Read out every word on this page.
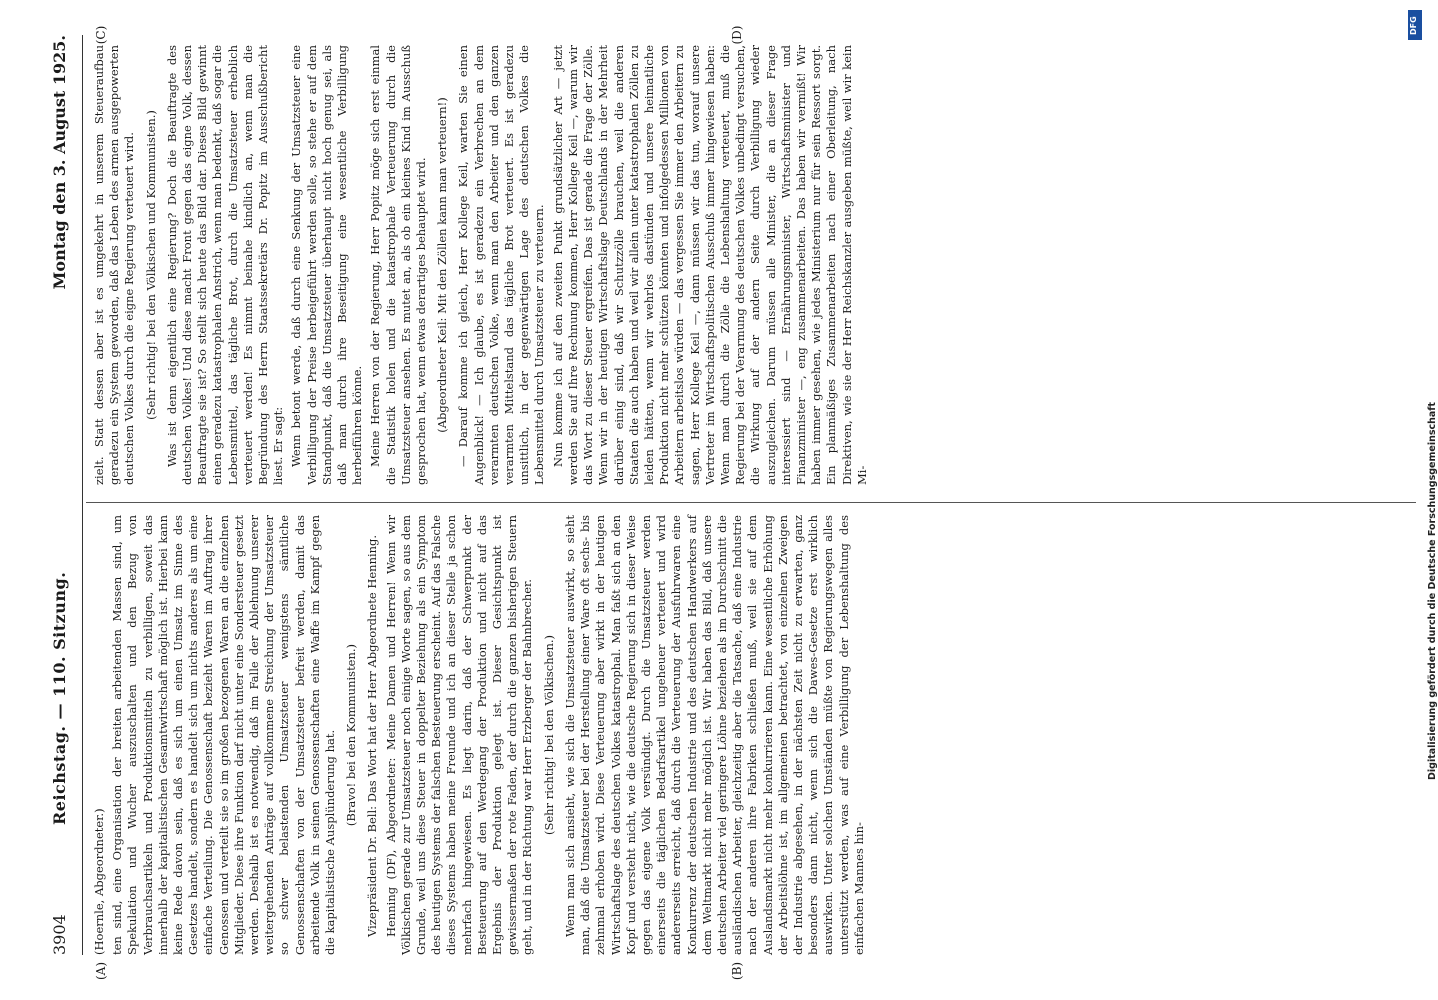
3904
Reichstag. — 110. Sitzung.
Montag den 3. August 1925.

(Hoernle, Abgeordneter.) ten sind, eine Organisation der breiten arbeitenden Massen sind, um Spekulation und Wucher auszuschalten und den Bezug von Verbrauchsartikeln und Produktionsmitteln zu verbilligen, soweit das innerhalb der kapitalistischen Gesamtwirtschaft möglich ist. Hierbei kann keine Rede davon sein, daß es sich um einen Umsatz im Sinne des Gesetzes handelt, sondern es handelt sich um nichts anderes als um eine einfache Verteilung. Die Genossenschaft bezieht Waren im Auftrag ihrer Genossen und verteilt sie so im großen bezogenen Waren an die einzelnen Mitglieder. Diese ihre Funktion darf nicht unter eine Sondersteuer gesetzt werden. Deshalb ist es notwendig, daß im Falle der Ablehnung unserer weitergehenden Anträge auf vollkommene Streichung der Umsatzsteuer so schwer belastenden Umsatzsteuer wenigstens sämtliche Genossenschaften von der Umsatzsteuer befreit werden, damit das arbeitende Volk in seinen Genossenschaften eine Waffe im Kampf gegen die kapitalistische Ausplünderung hat. (Bravo! bei den Kommunisten.) Vizepräsident Dr. Bell: Das Wort hat der Herr Abgeordnete Henning. Henning (DF), Abgeordneter: Meine Damen und Herren! Wenn wir Völkischen gerade zur Umsatzsteuer noch einige Worte sagen, so aus dem Grunde, weil uns diese Steuer in doppelter Beziehung als ein Symptom des heutigen Systems der falschen Besteuerung erscheint. Auf das Falsche dieses Systems haben meine Freunde und ich an dieser Stelle ja schon mehrfach hingewiesen. Es liegt darin, daß der Schwerpunkt der Besteuerung auf den Werdegang der Produktion und nicht auf das Ergebnis der Produktion gelegt ist. Dieser Gesichtspunkt ist gewissermaßen der rote Faden, der durch die ganzen bisherigen Steuern geht, und in der Richtung war Herr Erzberger der Bahnbrecher. (Sehr richtig! bei den Völkischen.) Wenn man sich ansieht, wie sich die Umsatzsteuer auswirkt, so sieht man, daß die Umsatzsteuer bei der Herstellung einer Ware oft sechs- bis zehnmal erhoben wird. Diese Verteuerung aber wirkt in der heutigen Wirtschaftslage des deutschen Volkes katastrophal. Man faßt sich an den Kopf und versteht nicht, wie die deutsche Regierung sich in dieser Weise gegen das eigene Volk versündigt. Durch die Umsatzsteuer werden einerseits die täglichen Bedarfsartikel ungeheuer verteuert und wird andererseits erreicht, daß durch die Verteuerung der Ausfuhrwaren eine Konkurrenz der deutschen Industrie und des deutschen Handwerkers auf dem Weltmarkt nicht mehr möglich ist. Wir haben das Bild, daß unsere deutschen Arbeiter viel geringere Löhne beziehen als im Durchschnitt die ausländischen Arbeiter, gleichzeitig aber die Tatsache, daß eine Industrie nach der anderen ihre Fabriken schließen muß, weil sie auf dem Auslandsmarkt nicht mehr konkurrieren kann. Eine wesentliche Erhöhung der Arbeitslöhne ist, im allgemeinen betrachtet, von einzelnen Zweigen der Industrie abgesehen, in der nächsten Zeit nicht zu erwarten, ganz besonders dann nicht, wenn sich die Dawes-Gesetze erst wirklich auswirken. Unter solchen Umständen müßte von Regierungswegen alles unterstützt werden, was auf eine Verbilligung der Lebenshaltung des einfachen Mannes hin-

zielt. Statt dessen aber ist es umgekehrt in unserem Steueraufbau geradezu ein System geworden, daß das Leben des armen ausgepowerten deutschen Volkes durch die eigne Regierung verteuert wird. (Sehr richtig! bei den Völkischen und Kommunisten.) Was ist denn eigentlich eine Regierung? Doch die Beauftragte des deutschen Volkes! Und diese macht Front gegen das eigne Volk, dessen Beauftragte sie ist? So stellt sich heute das Bild dar. Dieses Bild gewinnt einen geradezu katastrophalen Anstrich, wenn man bedenkt, daß sogar die Lebensmittel, das tägliche Brot, durch die Umsatzsteuer erheblich verteuert werden! Es nimmt beinahe kindlich an, wenn man die Begründung des Herrn Staatssekretärs Dr. Popitz im Ausschußbericht liest. Er sagt: Wenn betont werde, daß durch eine Senkung der Umsatzsteuer eine Verbilligung der Preise herbeigeführt werden solle, so stehe er auf dem Standpunkt, daß die Umsatzsteuer überhaupt nicht hoch genug sei, als daß man durch ihre Beseitigung eine wesentliche Verbilligung herbeiführen könne. Meine Herren von der Regierung, Herr Popitz möge sich erst einmal die Statistik holen und die katastrophale Verteuerung durch die Umsatzsteuer ansehen. Es mutet an, als ob ein kleines Kind im Ausschuß gesprochen hat, wenn etwas derartiges behauptet wird. (Abgeordneter Keil: Mit den Zöllen kann man verteuern!) — Darauf komme ich gleich, Herr Kollege Keil, warten Sie einen Augenblick! — Ich glaube, es ist geradezu ein Verbrechen an dem verarmten deutschen Volke, wenn man den Arbeiter und den ganzen verarmten Mittelstand das tägliche Brot verteuert. Es ist geradezu unsittlich, in der gegenwärtigen Lage des deutschen Volkes die Lebensmittel durch Umsatzsteuer zu verteuern. Nun komme ich auf den zweiten Punkt grundsätzlicher Art — jetzt werden Sie auf Ihre Rechnung kommen, Herr Kollege Keil —, warum wir das Wort zu dieser Steuer ergreifen. Das ist gerade die Frage der Zölle. Wenn wir in der heutigen Wirtschaftslage Deutschlands in der Mehrheit darüber einig sind, daß wir Schutzzölle brauchen, weil die anderen Staaten die auch haben und weil wir allein unter katastrophalen Zöllen zu leiden hätten, wenn wir wehrlos dastünden und unsere heimatliche Produktion nicht mehr schützen könnten und infolgedessen Millionen von Arbeitern arbeitslos würden — das vergessen Sie immer den Arbeitern zu sagen, Herr Kollege Keil —, dann müssen wir das tun, worauf unsere Vertreter im Wirtschaftspolitischen Ausschuß immer hingewiesen haben: Wenn man durch die Zölle die Lebenshaltung verteuert, muß die Regierung bei der Verarmung des deutschen Volkes unbedingt versuchen, die Wirkung auf der andern Seite durch Verbilligung wieder auszugleichen. Darum müssen alle Minister, die an dieser Frage interessiert sind — Ernährungsminister, Wirtschaftsminister und Finanzminister —, eng zusammenarbeiten. Das haben wir vermißt! Wir haben immer gesehen, wie jedes Ministerium nur für sein Ressort sorgt. Ein planmäßiges Zusammenarbeiten nach einer Oberleitung, nach Direktiven, wie sie der Herr Reichskanzler ausgeben müßte, weil wir kein Mi-

(A)	(B)
(C)	(D)	DFG
Digitalisierung gefördert durch die Deutsche Forschungsgemeinschaft
